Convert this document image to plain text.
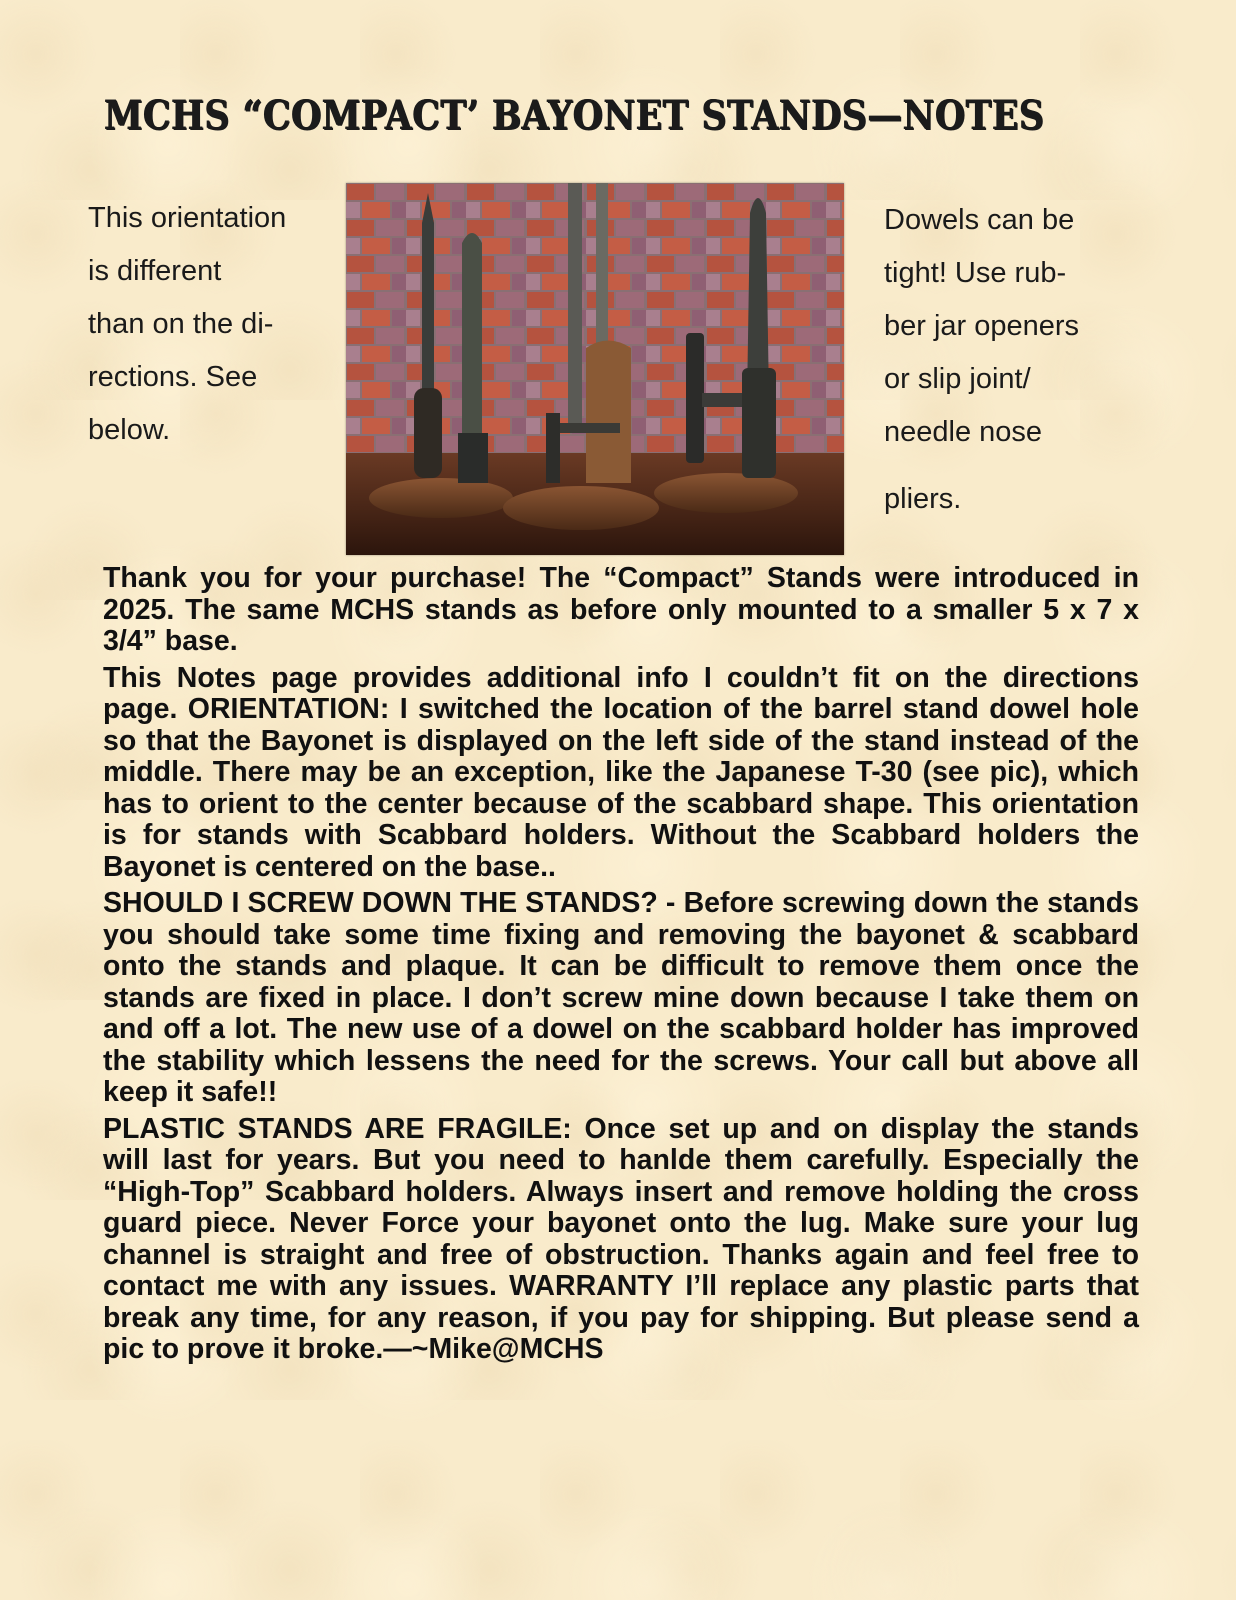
MCHS “COMPACT’ BAYONET STANDS—NOTES
This orientation
is different
than on the di-
rections. See
below.
Dowels can be
tight! Use rub-
ber jar openers
or slip joint/
needle nose
pliers.

Thank you for your purchase! The “Compact” Stands were introduced in 2025. The same MCHS stands as before only mounted to a smaller 5 x 7 x 3/4” base.

This Notes page provides additional info I couldn’t fit on the directions page. ORIENTATION: I switched the location of the barrel stand dowel hole so that the Bayonet is displayed on the left side of the stand instead of the middle. There may be an exception, like the Japanese T-30 (see pic), which has to orient to the center because of the scabbard shape. This orientation is for stands with Scabbard holders. Without the Scabbard holders the Bayonet is centered on the base..

SHOULD I SCREW DOWN THE STANDS? - Before screwing down the stands you should take some time fixing and removing the bayonet & scabbard onto the stands and plaque. It can be difficult to remove them once the stands are fixed in place. I don’t screw mine down because I take them on and off a lot. The new use of a dowel on the scabbard holder has improved the stability which lessens the need for the screws. Your call but above all keep it safe!!

PLASTIC STANDS ARE FRAGILE: Once set up and on display the stands will last for years. But you need to hanlde them carefully. Especially the “High-Top” Scabbard holders. Always insert and remove holding the cross guard piece. Never Force your bayonet onto the lug. Make sure your lug channel is straight and free of obstruction. Thanks again and feel free to contact me with any issues. WARRANTY I’ll replace any plastic parts that break any time, for any reason, if you pay for shipping. But please send a pic to prove it broke.—~Mike@MCHS
